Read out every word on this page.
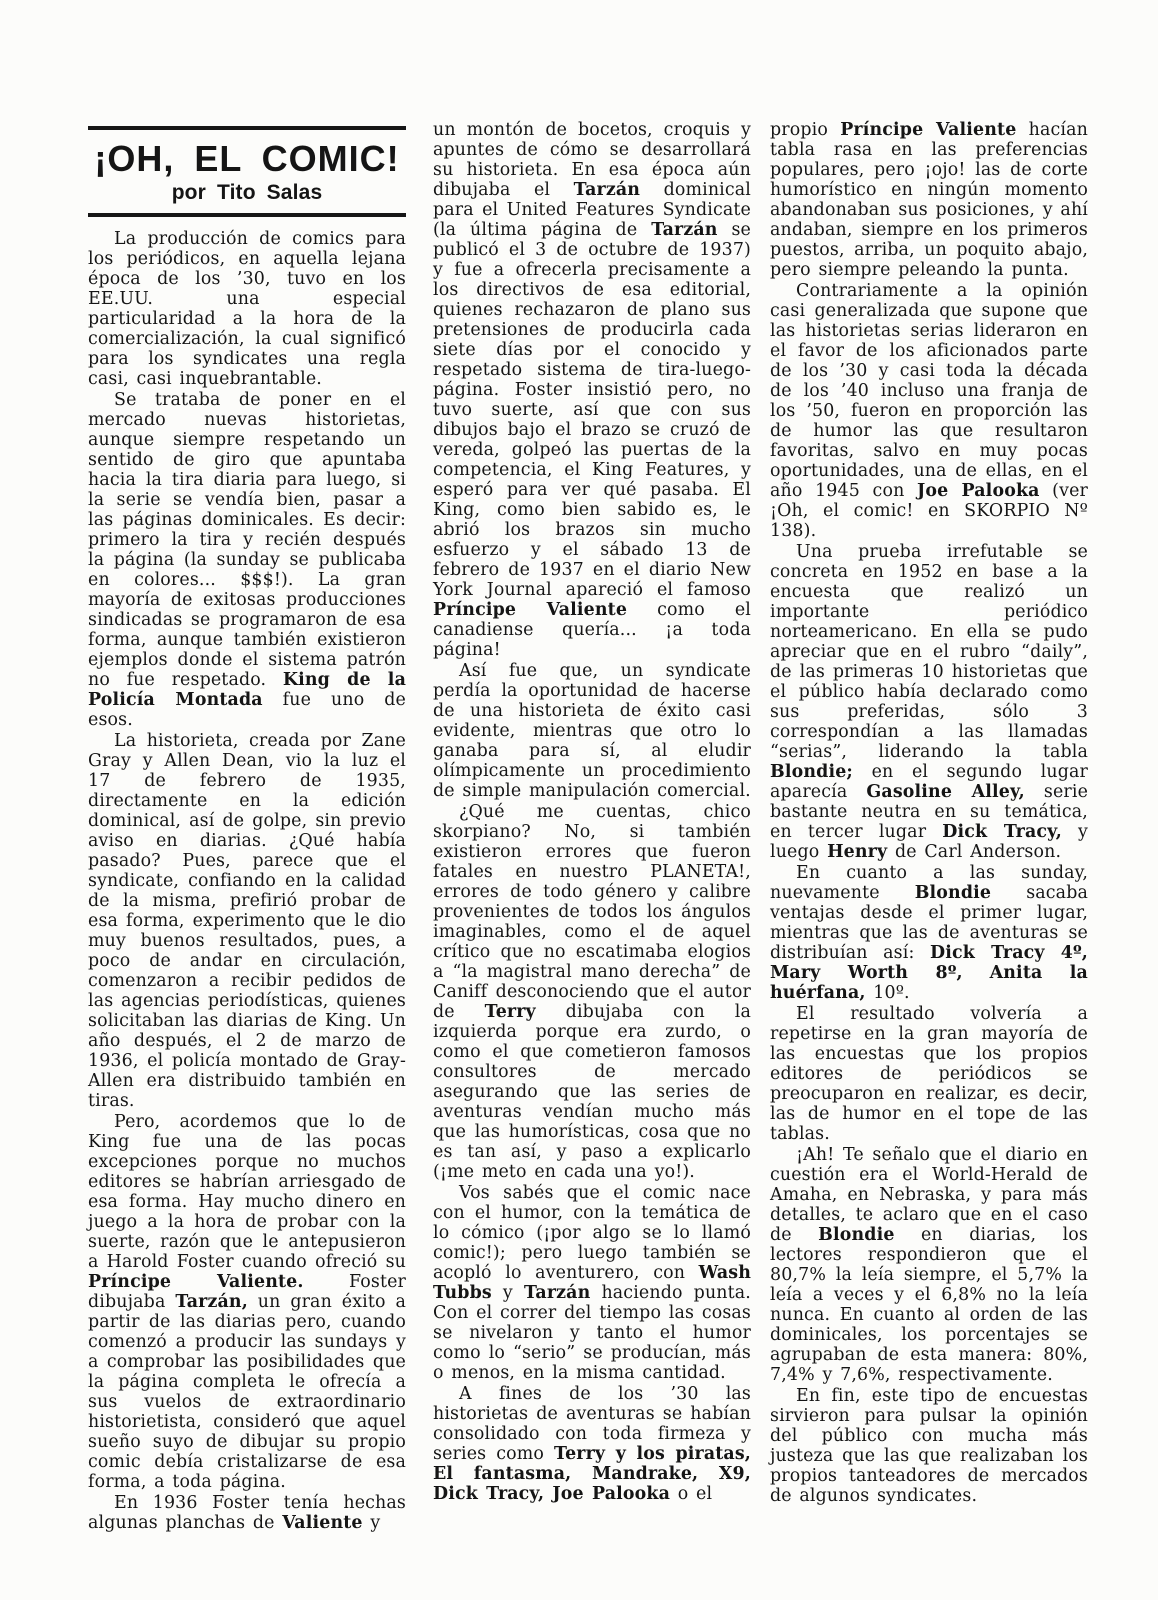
¡OH, EL COMIC!
por Tito Salas

La producción de comics para los periódicos, en aquella lejana época de los ’30, tuvo en los EE.UU. una especial particularidad a la hora de la comercialización, la cual significó para los syndicates una regla casi, casi inquebrantable.

Se trataba de poner en el mercado nuevas historietas, aunque siempre respetando un sentido de giro que apuntaba hacia la tira diaria para luego, si la serie se vendía bien, pasar a las páginas dominicales. Es decir: primero la tira y recién después la página (la sunday se publicaba en colores... $$$!). La gran mayoría de exitosas producciones sindicadas se programaron de esa forma, aunque también existieron ejemplos donde el sistema patrón no fue respetado. King de la Policía Montada fue uno de esos.

La historieta, creada por Zane Gray y Allen Dean, vio la luz el 17 de febrero de 1935, directamente en la edición dominical, así de golpe, sin previo aviso en diarias. ¿Qué había pasado? Pues, parece que el syndicate, confiando en la calidad de la misma, prefirió probar de esa forma, experimento que le dio muy buenos resultados, pues, a poco de andar en circulación, comenzaron a recibir pedidos de las agencias periodísticas, quienes solicitaban las diarias de King. Un año después, el 2 de marzo de 1936, el policía montado de Gray-Allen era distribuido también en tiras.

Pero, acordemos que lo de King fue una de las pocas excepciones porque no muchos editores se habrían arriesgado de esa forma. Hay mucho dinero en juego a la hora de probar con la suerte, razón que le antepusieron a Harold Foster cuando ofreció su Príncipe Valiente. Foster dibujaba Tarzán, un gran éxito a partir de las diarias pero, cuando comenzó a producir las sundays y a comprobar las posibilidades que la página completa le ofrecía a sus vuelos de extraordinario historietista, consideró que aquel sueño suyo de dibujar su propio comic debía cristalizarse de esa forma, a toda página.

En 1936 Foster tenía hechas algunas planchas de Valiente y

un montón de bocetos, croquis y apuntes de cómo se desarrollará su historieta. En esa época aún dibujaba el Tarzán dominical para el United Features Syndicate (la última página de Tarzán se publicó el 3 de octubre de 1937) y fue a ofrecerla precisamente a los directivos de esa editorial, quienes rechazaron de plano sus pretensiones de producirla cada siete días por el conocido y respetado sistema de tira-luego-página. Foster insistió pero, no tuvo suerte, así que con sus dibujos bajo el brazo se cruzó de vereda, golpeó las puertas de la competencia, el King Features, y esperó para ver qué pasaba. El King, como bien sabido es, le abrió los brazos sin mucho esfuerzo y el sábado 13 de febrero de 1937 en el diario New York Journal apareció el famoso Príncipe Valiente como el canadiense quería... ¡a toda página!

Así fue que, un syndicate perdía la oportunidad de hacerse de una historieta de éxito casi evidente, mientras que otro lo ganaba para sí, al eludir olímpicamente un procedimiento de simple manipulación comercial.

¿Qué me cuentas, chico skorpiano? No, si también existieron errores que fueron fatales en nuestro PLANETA!, errores de todo género y calibre provenientes de todos los ángulos imaginables, como el de aquel crítico que no escatimaba elogios a “la magistral mano derecha” de Caniff desconociendo que el autor de Terry dibujaba con la izquierda porque era zurdo, o como el que cometieron famosos consultores de mercado asegurando que las series de aventuras vendían mucho más que las humorísticas, cosa que no es tan así, y paso a explicarlo (¡me meto en cada una yo!).

Vos sabés que el comic nace con el humor, con la temática de lo cómico (¡por algo se lo llamó comic!); pero luego también se acopló lo aventurero, con Wash Tubbs y Tarzán haciendo punta. Con el correr del tiempo las cosas se nivelaron y tanto el humor como lo “serio” se producían, más o menos, en la misma cantidad.

A fines de los ’30 las historietas de aventuras se habían consolidado con toda firmeza y series como Terry y los piratas, El fantasma, Mandrake, X9, Dick Tracy, Joe Palooka o el

propio Príncipe Valiente hacían tabla rasa en las preferencias populares, pero ¡ojo! las de corte humorístico en ningún momento abandonaban sus posiciones, y ahí andaban, siempre en los primeros puestos, arriba, un poquito abajo, pero siempre peleando la punta.

Contrariamente a la opinión casi generalizada que supone que las historietas serias lideraron en el favor de los aficionados parte de los ’30 y casi toda la década de los ’40 incluso una franja de los ’50, fueron en proporción las de humor las que resultaron favoritas, salvo en muy pocas oportunidades, una de ellas, en el año 1945 con Joe Palooka (ver ¡Oh, el comic! en SKORPIO Nº 138).

Una prueba irrefutable se concreta en 1952 en base a la encuesta que realizó un importante periódico norteamericano. En ella se pudo apreciar que en el rubro “daily”, de las primeras 10 historietas que el público había declarado como sus preferidas, sólo 3 correspondían a las llamadas “serias”, liderando la tabla Blondie; en el segundo lugar aparecía Gasoline Alley, serie bastante neutra en su temática, en tercer lugar Dick Tracy, y luego Henry de Carl Anderson.

En cuanto a las sunday, nuevamente Blondie sacaba ventajas desde el primer lugar, mientras que las de aventuras se distribuían así: Dick Tracy 4º, Mary Worth 8º, Anita la huérfana, 10º.

El resultado volvería a repetirse en la gran mayoría de las encuestas que los propios editores de periódicos se preocuparon en realizar, es decir, las de humor en el tope de las tablas.

¡Ah! Te señalo que el diario en cuestión era el World-Herald de Amaha, en Nebraska, y para más detalles, te aclaro que en el caso de Blondie en diarias, los lectores respondieron que el 80,7% la leía siempre, el 5,7% la leía a veces y el 6,8% no la leía nunca. En cuanto al orden de las dominicales, los porcentajes se agrupaban de esta manera: 80%, 7,4% y 7,6%, respectivamente.

En fin, este tipo de encuestas sirvieron para pulsar la opinión del público con mucha más justeza que las que realizaban los propios tanteadores de mercados de algunos syndicates.
